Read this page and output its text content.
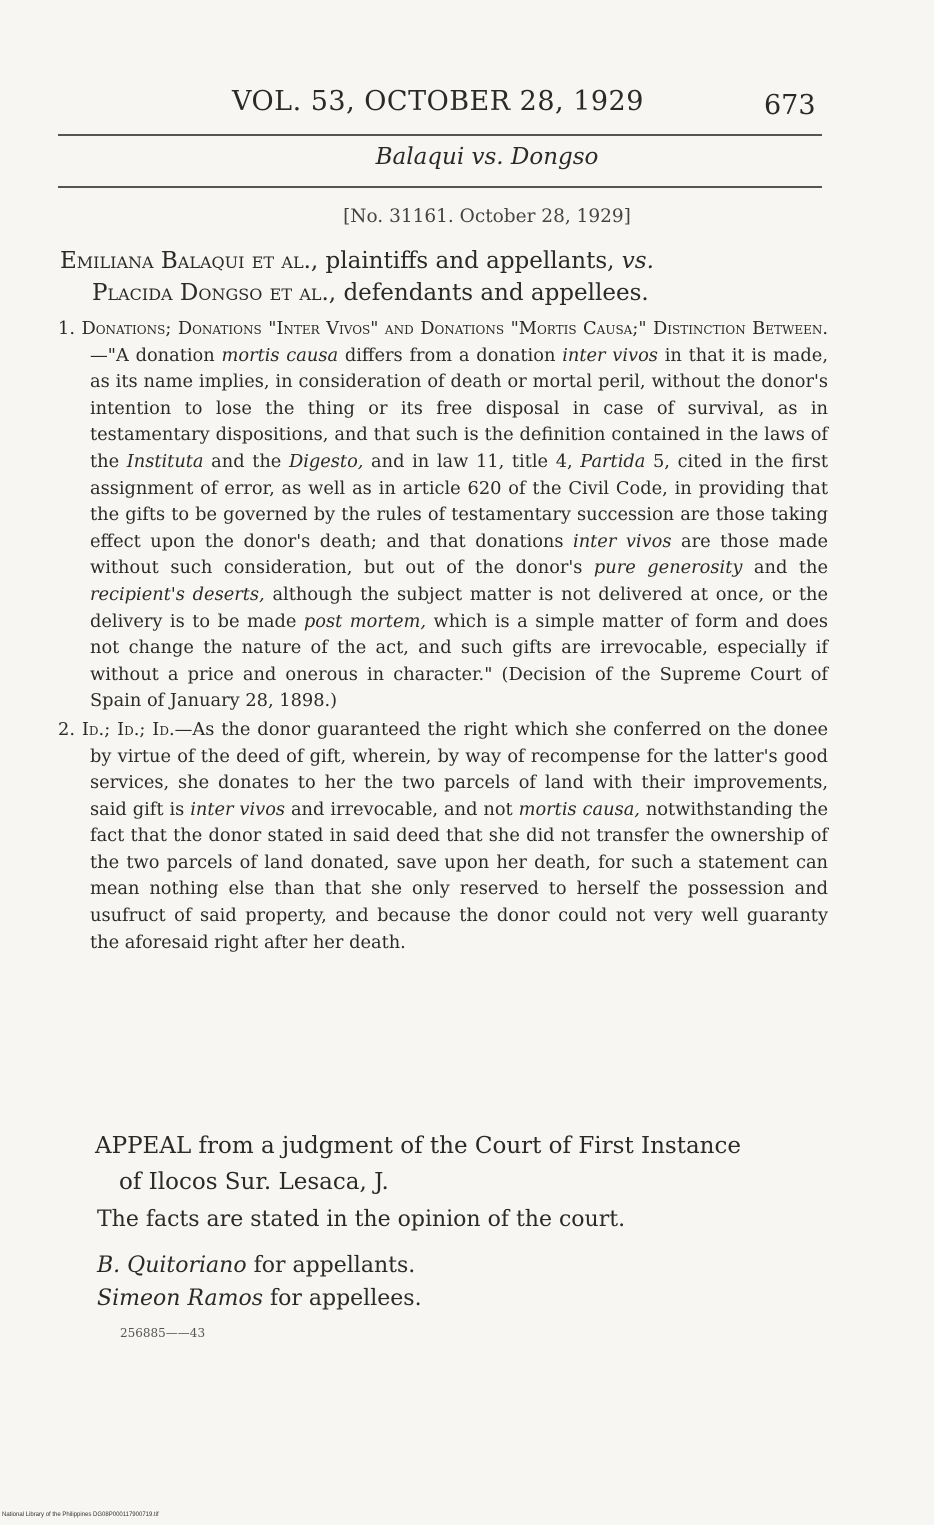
VOL. 53, OCTOBER 28, 1929	673
Balaqui vs. Dongso
[No. 31161. October 28, 1929]
Emiliana Balaqui et al., plaintiffs and appellants, vs.
Placida Dongso et al., defendants and appellees.

1. Donations; Donations "Inter Vivos" and Donations "Mortis Causa;" Distinction Between.—"A donation mortis causa differs from a donation inter vivos in that it is made, as its name implies, in consideration of death or mortal peril, without the donor's intention to lose the thing or its free disposal in case of survival, as in testamentary dispositions, and that such is the definition contained in the laws of the Instituta and the Digesto, and in law 11, title 4, Partida 5, cited in the first assignment of error, as well as in article 620 of the Civil Code, in providing that the gifts to be governed by the rules of testamentary succession are those taking effect upon the donor's death; and that donations inter vivos are those made without such consideration, but out of the donor's pure generosity and the recipient's deserts, although the subject matter is not delivered at once, or the delivery is to be made post mortem, which is a simple matter of form and does not change the nature of the act, and such gifts are irrevocable, especially if without a price and onerous in character." (Decision of the Supreme Court of Spain of January 28, 1898.)

2. Id.; Id.; Id.—As the donor guaranteed the right which she conferred on the donee by virtue of the deed of gift, wherein, by way of recompense for the latter's good services, she donates to her the two parcels of land with their improvements, said gift is inter vivos and irrevocable, and not mortis causa, notwithstanding the fact that the donor stated in said deed that she did not transfer the ownership of the two parcels of land donated, save upon her death, for such a statement can mean nothing else than that she only reserved to herself the possession and usufruct of said property, and because the donor could not very well guaranty the aforesaid right after her death.

APPEAL from a judgment of the Court of First Instance
of Ilocos Sur. Lesaca, J.
The facts are stated in the opinion of the court.
B. Quitoriano for appellants.
Simeon Ramos for appellees.
256885——43
National Library of the Philippines DG08P000117900719.tif
